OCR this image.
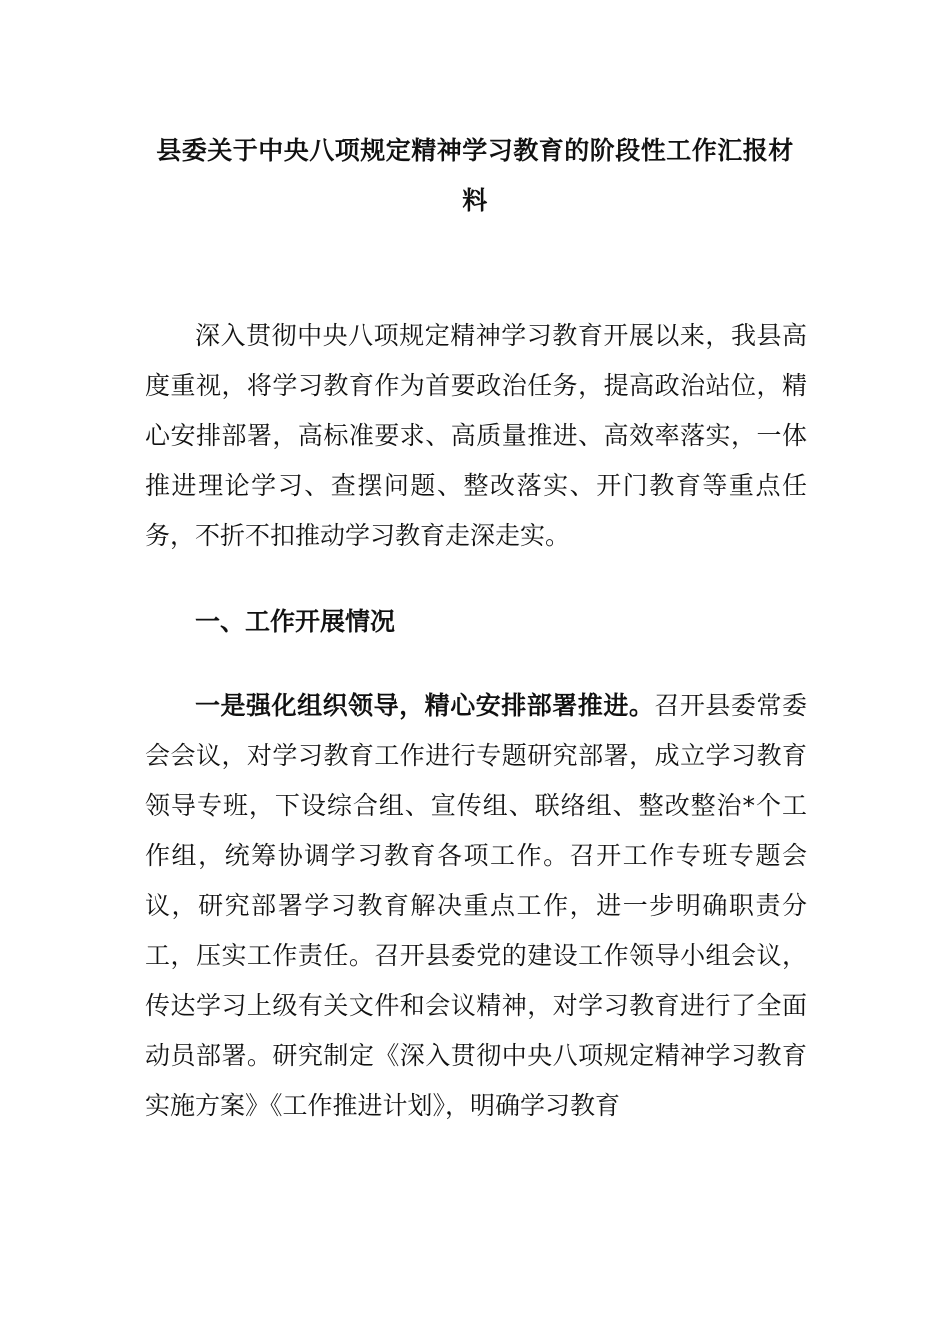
县委关于中央八项规定精神学习教育的阶段性工作汇报材料

深入贯彻中央八项规定精神学习教育开展以来，我县高度重视，将学习教育作为首要政治任务，提高政治站位，精心安排部署，高标准要求、高质量推进、高效率落实，一体推进理论学习、查摆问题、整改落实、开门教育等重点任务，不折不扣推动学习教育走深走实。

一、工作开展情况

一是强化组织领导，精心安排部署推进。召开县委常委会会议，对学习教育工作进行专题研究部署，成立学习教育领导专班，下设综合组、宣传组、联络组、整改整治*个工作组，统筹协调学习教育各项工作。召开工作专班专题会议，研究部署学习教育解决重点工作，进一步明确职责分工，压实工作责任。召开县委党的建设工作领导小组会议，传达学习上级有关文件和会议精神，对学习教育进行了全面动员部署。研究制定《深入贯彻中央八项规定精神学习教育实施方案》《工作推进计划》，明确学习教育
